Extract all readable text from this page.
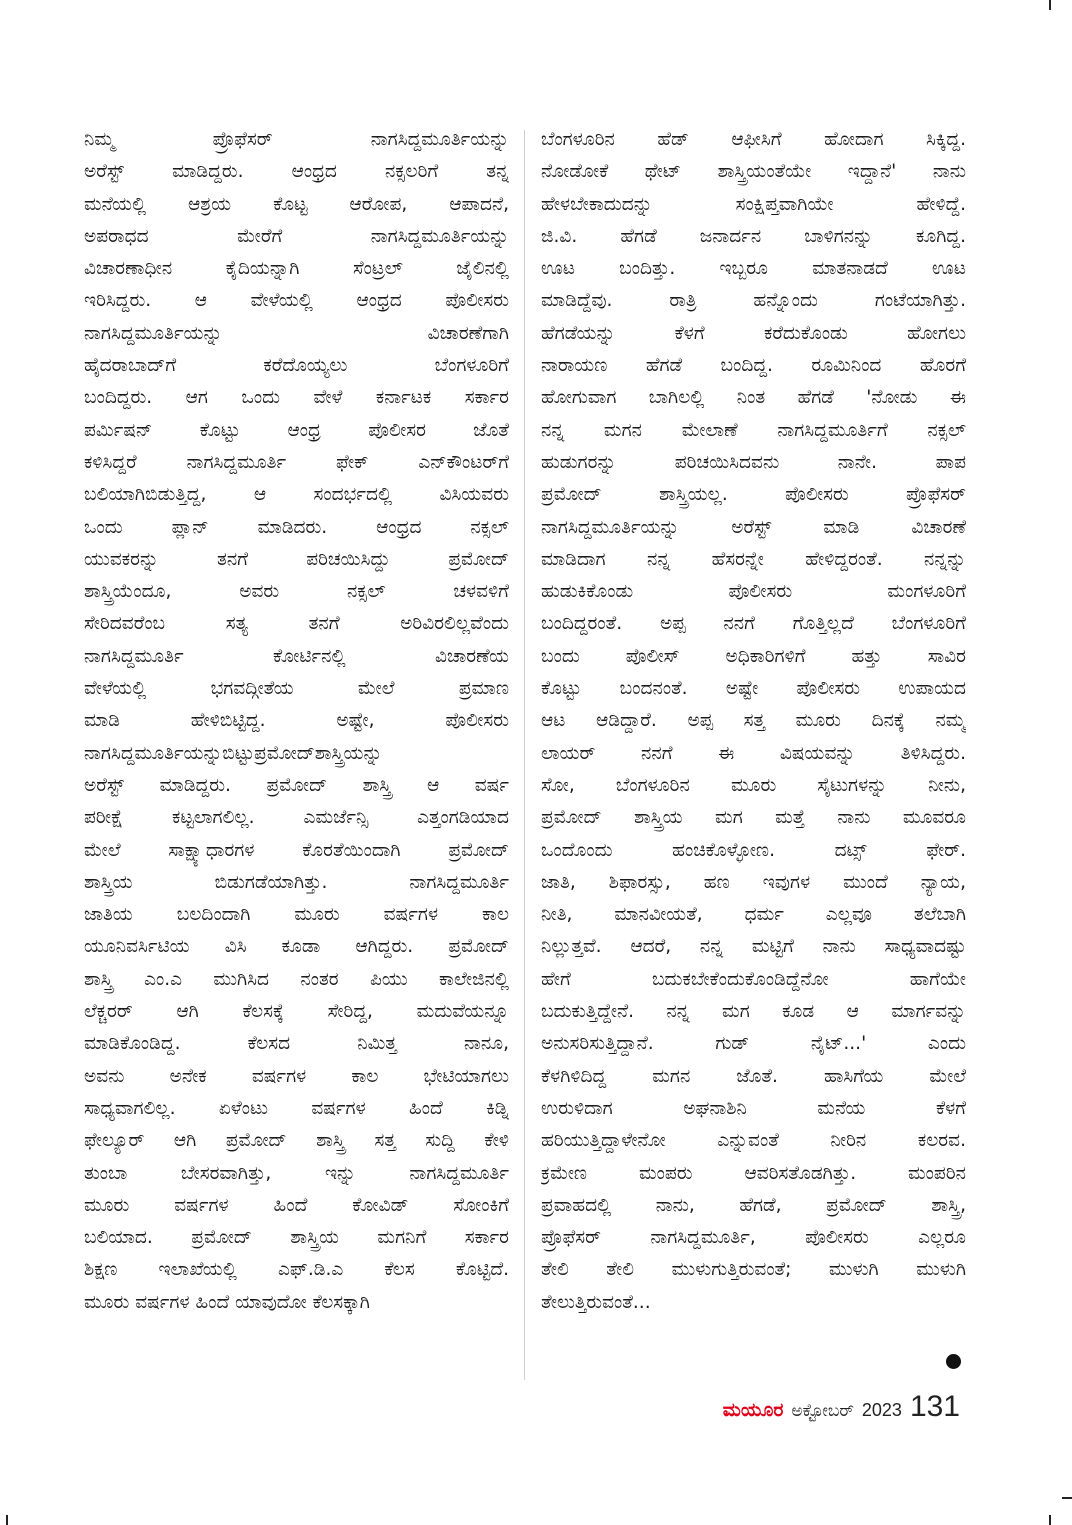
ನಿಮ್ಮ ಪ್ರೊಫೆಸರ್ ನಾಗಸಿದ್ದಮೂರ್ತಿಯನ್ನು
ಅರೆಸ್ಟ್ ಮಾಡಿದ್ದರು. ಆಂಧ್ರದ ನಕ್ಸಲರಿಗೆ ತನ್ನ
ಮನೆಯಲ್ಲಿ ಆಶ್ರಯ ಕೊಟ್ಟ ಆರೋಪ, ಆಪಾದನೆ,
ಅಪರಾಧದ ಮೇರೆಗೆ ನಾಗಸಿದ್ದಮೂರ್ತಿಯನ್ನು
ವಿಚಾರಣಾಧೀನ ಕೈದಿಯನ್ನಾಗಿ ಸೆಂಟ್ರಲ್ ಜೈಲಿನಲ್ಲಿ
ಇರಿಸಿದ್ದರು. ಆ ವೇಳೆಯಲ್ಲಿ ಆಂಧ್ರದ ಪೊಲೀಸರು
ನಾಗಸಿದ್ದಮೂರ್ತಿಯನ್ನು ವಿಚಾರಣೆಗಾಗಿ
ಹೈದರಾಬಾದ್‌ಗೆ ಕರೆದೊಯ್ಯಲು ಬೆಂಗಳೂರಿಗೆ
ಬಂದಿದ್ದರು. ಆಗ ಒಂದು ವೇಳೆ ಕರ್ನಾಟಕ ಸರ್ಕಾರ
ಪರ್ಮಿಷನ್ ಕೊಟ್ಟು ಆಂಧ್ರ ಪೊಲೀಸರ ಜೊತೆ
ಕಳಿಸಿದ್ದರೆ ನಾಗಸಿದ್ದಮೂರ್ತಿ ಫೇಕ್ ಎನ್‌ಕೌಂಟರ್‌ಗೆ
ಬಲಿಯಾಗಿಬಿಡುತ್ತಿದ್ದ, ಆ ಸಂದರ್ಭದಲ್ಲಿ ವಿಸಿಯವರು
ಒಂದು ಪ್ಲಾನ್ ಮಾಡಿದರು. ಆಂಧ್ರದ ನಕ್ಸಲ್
ಯುವಕರನ್ನು ತನಗೆ ಪರಿಚಯಿಸಿದ್ದು ಪ್ರಮೋದ್
ಶಾಸ್ತ್ರಿಯೆಂದೂ, ಅವರು ನಕ್ಸಲ್ ಚಳವಳಿಗೆ
ಸೇರಿದವರೆಂಬ ಸತ್ಯ ತನಗೆ ಅರಿವಿರಲಿಲ್ಲವೆಂದು
ನಾಗಸಿದ್ದಮೂರ್ತಿ ಕೋರ್ಟಿನಲ್ಲಿ ವಿಚಾರಣೆಯ
ವೇಳೆಯಲ್ಲಿ ಭಗವದ್ಗೀತೆಯ ಮೇಲೆ ಪ್ರಮಾಣ
ಮಾಡಿ ಹೇಳಿಬಿಟ್ಟಿದ್ದ. ಅಷ್ಟೇ, ಪೊಲೀಸರು
ನಾಗಸಿದ್ದಮೂರ್ತಿಯನ್ನುಬಿಟ್ಟುಪ್ರಮೋದ್‌ಶಾಸ್ತ್ರಿಯನ್ನು
ಅರೆಸ್ಟ್ ಮಾಡಿದ್ದರು. ಪ್ರಮೋದ್ ಶಾಸ್ತ್ರಿ ಆ ವರ್ಷ
ಪರೀಕ್ಷೆ ಕಟ್ಟಲಾಗಲಿಲ್ಲ. ಎಮರ್ಜೆನ್ಸಿ ಎತ್ತಂಗಡಿಯಾದ
ಮೇಲೆ ಸಾಕ್ಷ್ಯಾಧಾರಗಳ ಕೊರತೆಯಿಂದಾಗಿ ಪ್ರಮೋದ್
ಶಾಸ್ತ್ರಿಯ ಬಿಡುಗಡೆಯಾಗಿತ್ತು. ನಾಗಸಿದ್ದಮೂರ್ತಿ
ಜಾತಿಯ ಬಲದಿಂದಾಗಿ ಮೂರು ವರ್ಷಗಳ ಕಾಲ
ಯೂನಿವರ್ಸಿಟಿಯ ವಿಸಿ ಕೂಡಾ ಆಗಿದ್ದರು. ಪ್ರಮೋದ್
ಶಾಸ್ತ್ರಿ ಎಂ.ಎ ಮುಗಿಸಿದ ನಂತರ ಪಿಯು ಕಾಲೇಜಿನಲ್ಲಿ
ಲೆಕ್ಚರರ್ ಆಗಿ ಕೆಲಸಕ್ಕೆ ಸೇರಿದ್ದ, ಮದುವೆಯನ್ನೂ
ಮಾಡಿಕೊಂಡಿದ್ದ. ಕೆಲಸದ ನಿಮಿತ್ತ ನಾನೂ,
ಅವನು ಅನೇಕ ವರ್ಷಗಳ ಕಾಲ ಭೇಟಿಯಾಗಲು
ಸಾಧ್ಯವಾಗಲಿಲ್ಲ. ಏಳೆಂಟು ವರ್ಷಗಳ ಹಿಂದೆ ಕಿಡ್ನಿ
ಫೇಲ್ಯೂರ್ ಆಗಿ ಪ್ರಮೋದ್ ಶಾಸ್ತ್ರಿ ಸತ್ತ ಸುದ್ದಿ ಕೇಳಿ
ತುಂಬಾ ಬೇಸರವಾಗಿತ್ತು, ಇನ್ನು ನಾಗಸಿದ್ದಮೂರ್ತಿ
ಮೂರು ವರ್ಷಗಳ ಹಿಂದೆ ಕೋವಿಡ್ ಸೋಂಕಿಗೆ
ಬಲಿಯಾದ. ಪ್ರಮೋದ್ ಶಾಸ್ತ್ರಿಯ ಮಗನಿಗೆ ಸರ್ಕಾರ
ಶಿಕ್ಷಣ ಇಲಾಖೆಯಲ್ಲಿ ಎಫ್.ಡಿ.ಎ ಕೆಲಸ ಕೊಟ್ಟಿದೆ.
ಮೂರು ವರ್ಷಗಳ ಹಿಂದೆ ಯಾವುದೋ ಕೆಲಸಕ್ಕಾಗಿ
ಬೆಂಗಳೂರಿನ ಹೆಡ್ ಆಫೀಸಿಗೆ ಹೋದಾಗ ಸಿಕ್ಕಿದ್ದ.
ನೋಡೋಕೆ ಥೇಟ್ ಶಾಸ್ತ್ರಿಯಂತೆಯೇ ಇದ್ದಾನೆ' ನಾನು
ಹೇಳಬೇಕಾದುದನ್ನು ಸಂಕ್ಷಿಪ್ತವಾಗಿಯೇ ಹೇಳಿದ್ದೆ.
ಜಿ.ವಿ. ಹೆಗಡೆ ಜನಾರ್ದನ ಬಾಳಿಗನನ್ನು ಕೂಗಿದ್ದ.
ಊಟ ಬಂದಿತ್ತು. ಇಬ್ಬರೂ ಮಾತನಾಡದೆ ಊಟ
ಮಾಡಿದ್ದೆವು. ರಾತ್ರಿ ಹನ್ನೊಂದು ಗಂಟೆಯಾಗಿತ್ತು.
ಹೆಗಡೆಯನ್ನು ಕೆಳಗೆ ಕರೆದುಕೊಂಡು ಹೋಗಲು
ನಾರಾಯಣ ಹೆಗಡೆ ಬಂದಿದ್ದ. ರೂಮಿನಿಂದ ಹೊರಗೆ
ಹೋಗುವಾಗ ಬಾಗಿಲಲ್ಲಿ ನಿಂತ ಹೆಗಡೆ 'ನೋಡು ಈ
ನನ್ನ ಮಗನ ಮೇಲಾಣೆ ನಾಗಸಿದ್ದಮೂರ್ತಿಗೆ ನಕ್ಸಲ್
ಹುಡುಗರನ್ನು ಪರಿಚಯಿಸಿದವನು ನಾನೇ. ಪಾಪ
ಪ್ರಮೋದ್ ಶಾಸ್ತ್ರಿಯಲ್ಲ. ಪೊಲೀಸರು ಪ್ರೊಫೆಸರ್
ನಾಗಸಿದ್ದಮೂರ್ತಿಯನ್ನು ಅರೆಸ್ಟ್ ಮಾಡಿ ವಿಚಾರಣೆ
ಮಾಡಿದಾಗ ನನ್ನ ಹೆಸರನ್ನೇ ಹೇಳಿದ್ದರಂತೆ. ನನ್ನನ್ನು
ಹುಡುಕಿಕೊಂಡು ಪೊಲೀಸರು ಮಂಗಳೂರಿಗೆ
ಬಂದಿದ್ದರಂತೆ. ಅಪ್ಪ ನನಗೆ ಗೊತ್ತಿಲ್ಲದೆ ಬೆಂಗಳೂರಿಗೆ
ಬಂದು ಪೊಲೀಸ್ ಅಧಿಕಾರಿಗಳಿಗೆ ಹತ್ತು ಸಾವಿರ
ಕೊಟ್ಟು ಬಂದನಂತೆ. ಅಷ್ಟೇ ಪೊಲೀಸರು ಉಪಾಯದ
ಆಟ ಆಡಿದ್ದಾರೆ. ಅಪ್ಪ ಸತ್ತ ಮೂರು ದಿನಕ್ಕೆ ನಮ್ಮ
ಲಾಯರ್ ನನಗೆ ಈ ವಿಷಯವನ್ನು ತಿಳಿಸಿದ್ದರು.
ಸೋ, ಬೆಂಗಳೂರಿನ ಮೂರು ಸೈಟುಗಳನ್ನು ನೀನು,
ಪ್ರಮೋದ್ ಶಾಸ್ತ್ರಿಯ ಮಗ ಮತ್ತೆ ನಾನು ಮೂವರೂ
ಒಂದೊಂದು ಹಂಚಿಕೊಳ್ಳೋಣ. ದಟ್ಸ್ ಫೇರ್.
ಜಾತಿ, ಶಿಫಾರಸ್ಸು, ಹಣ ಇವುಗಳ ಮುಂದೆ ನ್ಯಾಯ,
ನೀತಿ, ಮಾನವೀಯತೆ, ಧರ್ಮ ಎಲ್ಲವೂ ತಲೆಬಾಗಿ
ನಿಲ್ಲುತ್ತವೆ. ಆದರೆ, ನನ್ನ ಮಟ್ಟಿಗೆ ನಾನು ಸಾಧ್ಯವಾದಷ್ಟು
ಹೇಗೆ ಬದುಕಬೇಕೆಂದುಕೊಂಡಿದ್ದೆನೋ ಹಾಗೆಯೇ
ಬದುಕುತ್ತಿದ್ದೇನೆ. ನನ್ನ ಮಗ ಕೂಡ ಆ ಮಾರ್ಗವನ್ನು
ಅನುಸರಿಸುತ್ತಿದ್ದಾನೆ. ಗುಡ್ ನೈಟ್...' ಎಂದು
ಕೆಳಗಿಳಿದಿದ್ದ ಮಗನ ಜೊತೆ. ಹಾಸಿಗೆಯ ಮೇಲೆ
ಉರುಳಿದಾಗ ಅಘನಾಶಿನಿ ಮನೆಯ ಕೆಳಗೆ
ಹರಿಯುತ್ತಿದ್ದಾಳೇನೋ ಎನ್ನುವಂತೆ ನೀರಿನ ಕಲರವ.
ಕ್ರಮೇಣ ಮಂಪರು ಆವರಿಸತೊಡಗಿತ್ತು. ಮಂಪರಿನ
ಪ್ರವಾಹದಲ್ಲಿ ನಾನು, ಹೆಗಡೆ, ಪ್ರಮೋದ್ ಶಾಸ್ತ್ರಿ,
ಪ್ರೊಫೆಸರ್ ನಾಗಸಿದ್ದಮೂರ್ತಿ, ಪೊಲೀಸರು ಎಲ್ಲರೂ
ತೇಲಿ ತೇಲಿ ಮುಳುಗುತ್ತಿರುವಂತೆ; ಮುಳುಗಿ ಮುಳುಗಿ
ತೇಲುತ್ತಿರುವಂತೆ...
ಮಯೂರ ಅಕ್ಟೋಬರ್ 2023 131
